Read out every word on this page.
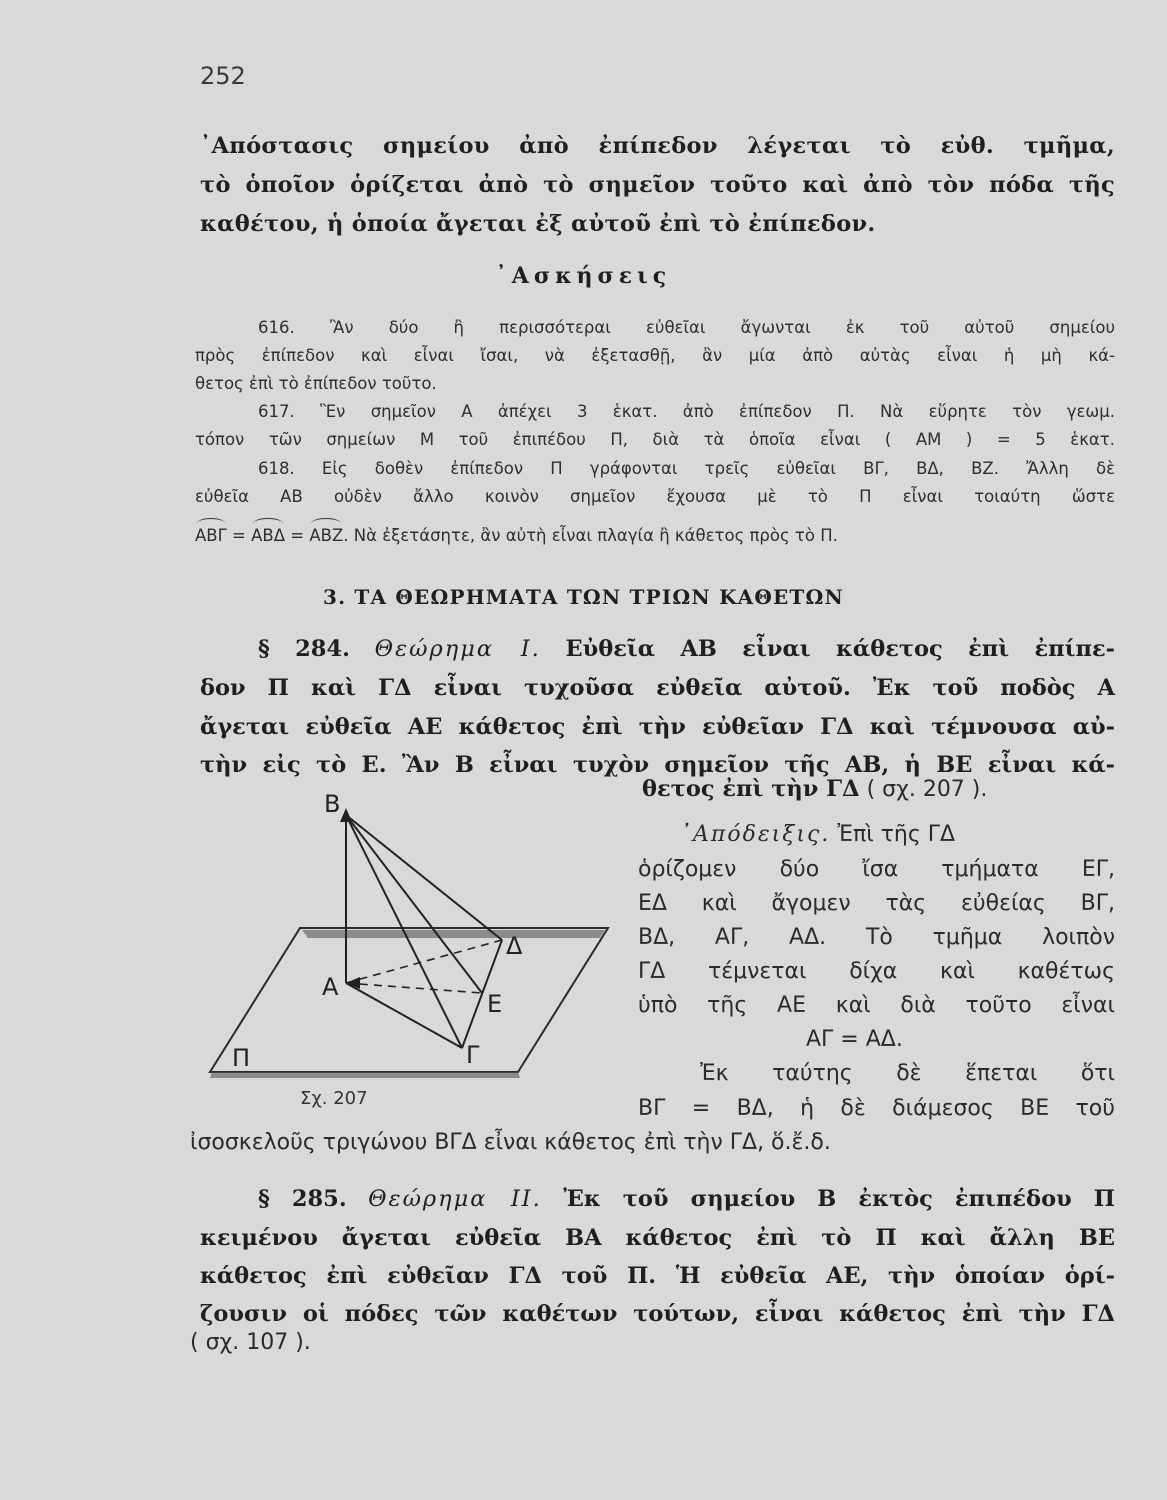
252
᾿Απόστασις σημείου ἀπὸ ἐπίπεδον λέγεται τὸ εὐθ. τμῆμα,
τὸ ὁποῖον ὁρίζεται ἀπὸ τὸ σημεῖον τοῦτο καὶ ἀπὸ τὸν πόδα τῆς
καθέτου, ἡ ὁποία ἄγεται ἐξ αὐτοῦ ἐπὶ τὸ ἐπίπεδον.
᾿Ασκήσεις
616. Ἂν δύο ἢ περισσότεραι εὐθεῖαι ἄγωνται ἐκ τοῦ αὐτοῦ σημείου
πρὸς ἐπίπεδον καὶ εἶναι ἴσαι, νὰ ἐξετασθῇ, ἂν μία ἀπὸ αὐτὰς εἶναι ἡ μὴ κά-
θετος ἐπὶ τὸ ἐπίπεδον τοῦτο.
617. Ἓν σημεῖον Α ἀπέχει 3 ἑκατ. ἀπὸ ἐπίπεδον Π. Νὰ εὕρητε τὸν γεωμ.
τόπον τῶν σημείων Μ τοῦ ἐπιπέδου Π, διὰ τὰ ὁποῖα εἶναι ( ΑΜ ) = 5 ἑκατ.
618. Εἰς δοθὲν ἐπίπεδον Π γράφονται τρεῖς εὐθεῖαι ΒΓ, ΒΔ, ΒΖ. Ἄλλη δὲ
εὐθεῖα ΑΒ οὐδὲν ἄλλο κοινὸν σημεῖον ἔχουσα μὲ τὸ Π εἶναι τοιαύτη ὥστε
ΑΒΓ = ΑΒΔ = ΑΒΖ. Νὰ ἐξετάσητε, ἂν αὐτὴ εἶναι πλαγία ἢ κάθετος πρὸς τὸ Π.
3. ΤΑ ΘΕΩΡΗΜΑΤΑ ΤΩΝ ΤΡΙΩΝ ΚΑΘΕΤΩΝ
§ 284. Θεώρημα Ι. Εὐθεῖα ΑΒ εἶναι κάθετος ἐπὶ ἐπίπε-
δον Π καὶ ΓΔ εἶναι τυχοῦσα εὐθεῖα αὐτοῦ. Ἐκ τοῦ ποδὸς Α
ἄγεται εὐθεῖα ΑΕ κάθετος ἐπὶ τὴν εὐθεῖαν ΓΔ καὶ τέμνουσα αὐ-
τὴν εἰς τὸ Ε. Ἂν Β εἶναι τυχὸν σημεῖον τῆς ΑΒ, ἡ ΒΕ εἶναι κά-
θετος ἐπὶ τὴν ΓΔ ( σχ. 207 ).
Β
Α
Ε
Γ
Δ
Π
Σχ. 207
᾿Απόδειξις. Ἐπὶ τῆς ΓΔ
ὁρίζομεν δύο ἴσα τμήματα ΕΓ,
ΕΔ καὶ ἄγομεν τὰς εὐθείας ΒΓ,
ΒΔ, ΑΓ, ΑΔ. Τὸ τμῆμα λοιπὸν
ΓΔ τέμνεται δίχα καὶ καθέτως
ὑπὸ τῆς ΑΕ καὶ διὰ τοῦτο εἶναι
ΑΓ = ΑΔ.
Ἐκ ταύτης δὲ ἕπεται ὅτι
ΒΓ = ΒΔ, ἡ δὲ διάμεσος ΒΕ τοῦ
ἰσοσκελοῦς τριγώνου ΒΓΔ εἶναι κάθετος ἐπὶ τὴν ΓΔ, ὅ.ἔ.δ.
§ 285. Θεώρημα ΙΙ. Ἐκ τοῦ σημείου Β ἐκτὸς ἐπιπέδου Π
κειμένου ἄγεται εὐθεῖα ΒΑ κάθετος ἐπὶ τὸ Π καὶ ἄλλη ΒΕ
κάθετος ἐπὶ εὐθεῖαν ΓΔ τοῦ Π. Ἡ εὐθεῖα ΑΕ, τὴν ὁποίαν ὁρί-
ζουσιν οἱ πόδες τῶν καθέτων τούτων, εἶναι κάθετος ἐπὶ τὴν ΓΔ
( σχ. 107 ).
